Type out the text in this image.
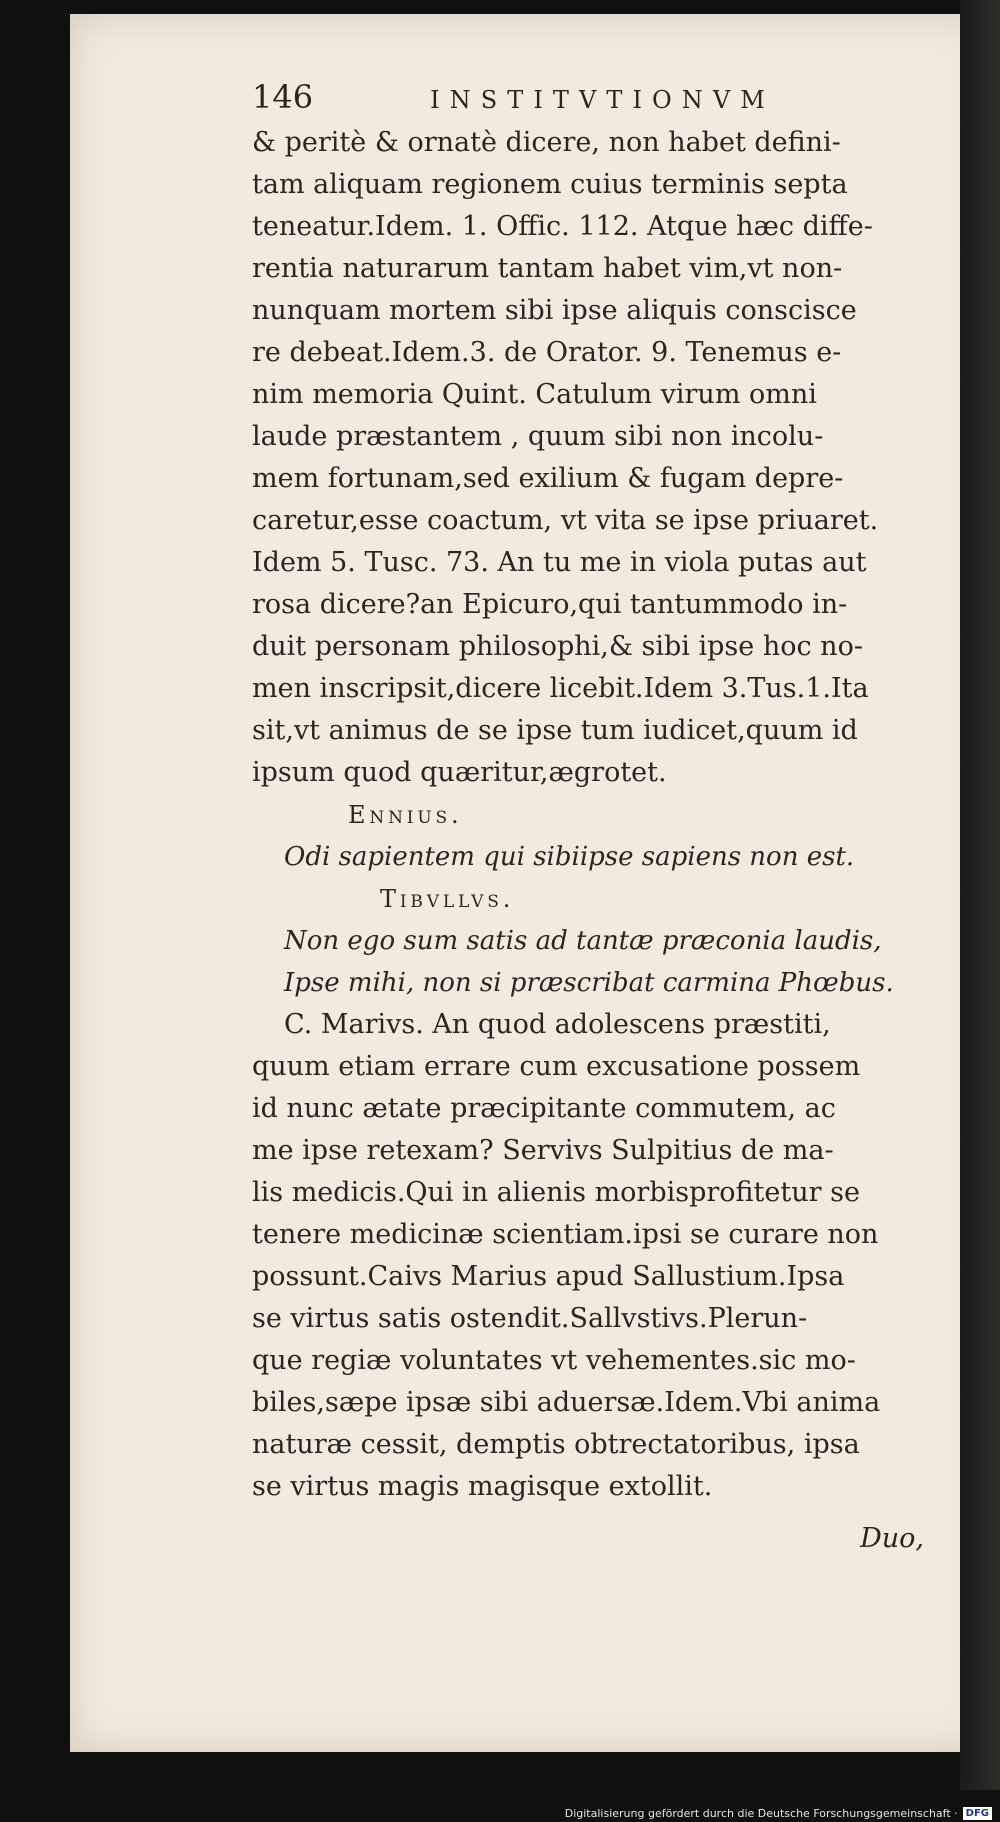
146	INSTITVTIONVM
& peritè & ornatè dicere, non habet defini-
tam aliquam regionem cuius terminis septa
teneatur.Idem. 1. Offic. 112. Atque hæc diffe-
rentia naturarum tantam habet vim,vt non-
nunquam mortem sibi ipse aliquis consciscе
re debeat.Idem.3. de Orator. 9. Tenemus e-
nim memoria Quint. Catulum virum omni
laude præstantem , quum sibi non incolu-
mem fortunam,sed exilium & fugam depre-
caretur,esse coactum, vt vita se ipse priuaret.
Idem 5. Tusc. 73. An tu me in viola putas aut
rosa dicere?an Epicuro,qui tantummodo in-
duit personam philosophi,& sibi ipse hoc no-
men inscripsit,dicere licebit.Idem 3.Tus.1.Ita
sit,vt animus de se ipse tum iudicet,quum id
ipsum quod quæritur,ægrotet.
Ennius.
Odi sapientem qui sibiipse sapiens non est.
Tibvllvs.
Non ego sum satis ad tantæ præconia laudis,
Ipse mihi, non si præscribat carmina Phœbus.
C. Marivs. An quod adolescens præstiti,
quum etiam errare cum excusatione possem
id nunc ætate præcipitante commutem, ac
me ipse retexam? Servivs Sulpitius de ma-
lis medicis.Qui in alienis morbisprofitetur se
tenere medicinæ scientiam.ipsi se curare non
possunt.Caivs Marius apud Sallustium.Ipsa
se virtus satis ostendit.Sallvstivs.Plerun-
que regiæ voluntates vt vehementes.sic mo-
biles,sæpe ipsæ sibi aduersæ.Idem.Vbi anima
naturæ cessit, demptis obtrectatoribus, ipsa
se virtus magis magisque extollit.
Duo,
Digitalisierung gefördert durch die Deutsche Forschungsgemeinschaft · DFG
